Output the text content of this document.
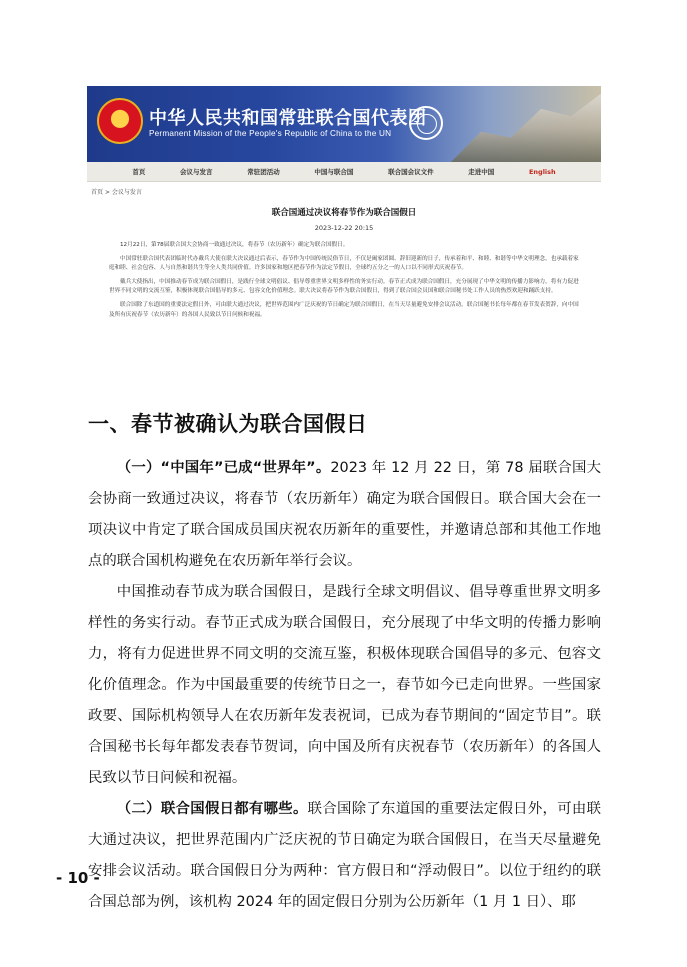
中华人民共和国常驻联合国代表团
Permanent Mission of the People's Republic of China to the UN
首页	会议与发言	常驻团活动	中国与联合国	联合国会议文件	走进中国	English
首页 > 会议与发言
联合国通过决议将春节作为联合国假日
2023-12-22 20:15

12月22日，第78届联合国大会协商一致通过决议，将春节（农历新年）确定为联合国假日。

中国常驻联合国代表团临时代办戴兵大使在联大决议通过后表示，春节作为中国传统民俗节日，不仅是阖家团圆、辞旧迎新的日子，传承着和平、和睦、和谐等中华文明理念，也承载着家庭和睦、社会包容、人与自然和谐共生等全人类共同价值。许多国家和地区把春节作为法定节假日，全球约五分之一的人口以不同形式庆祝春节。

戴兵大使指出，中国推动春节成为联合国假日，是践行全球文明倡议、倡导尊重世界文明多样性的务实行动。春节正式成为联合国假日，充分展现了中华文明的传播力影响力，将有力促进世界不同文明的交流互鉴，积极体现联合国倡导的多元、包容文化价值理念。联大决议将春节作为联合国假日，得到了联合国会员国和联合国秘书处工作人员的热烈欢迎和踊跃支持。

联合国除了东道国的重要法定假日外，可由联大通过决议，把世界范围内广泛庆祝的节日确定为联合国假日，在当天尽量避免安排会议活动。联合国秘书长每年都在春节发表贺辞，向中国及所有庆祝春节（农历新年）的各国人民致以节日问候和祝福。

一、春节被确认为联合国假日

（一）“中国年”已成“世界年”。2023 年 12 月 22 日，第 78 届联合国大会协商一致通过决议，将春节（农历新年）确定为联合国假日。联合国大会在一项决议中肯定了联合国成员国庆祝农历新年的重要性，并邀请总部和其他工作地点的联合国机构避免在农历新年举行会议。

中国推动春节成为联合国假日，是践行全球文明倡议、倡导尊重世界文明多样性的务实行动。春节正式成为联合国假日，充分展现了中华文明的传播力影响力，将有力促进世界不同文明的交流互鉴，积极体现联合国倡导的多元、包容文化价值理念。作为中国最重要的传统节日之一，春节如今已走向世界。一些国家政要、国际机构领导人在农历新年发表祝词，已成为春节期间的“固定节目”。联合国秘书长每年都发表春节贺词，向中国及所有庆祝春节（农历新年）的各国人民致以节日问候和祝福。

（二）联合国假日都有哪些。联合国除了东道国的重要法定假日外，可由联大通过决议，把世界范围内广泛庆祝的节日确定为联合国假日，在当天尽量避免安排会议活动。联合国假日分为两种：官方假日和“浮动假日”。以位于纽约的联合国总部为例，该机构 2024 年的固定假日分别为公历新年（1 月 1 日）、耶

- 10 -
